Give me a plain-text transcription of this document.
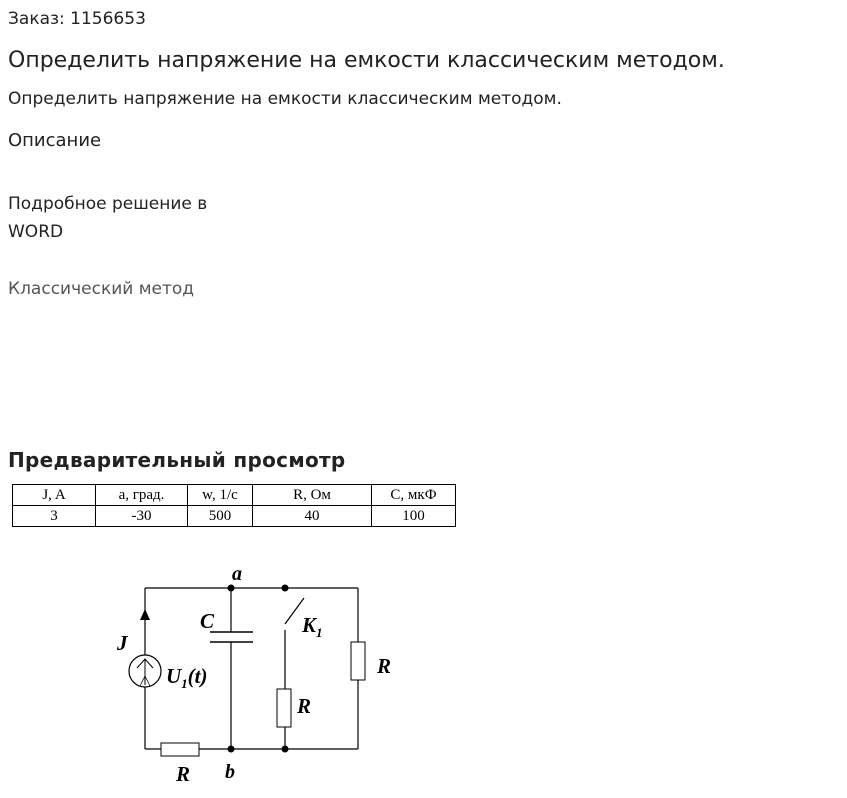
Заказ: 1156653
Определить напряжение на емкости классическим методом.
Определить напряжение на емкости классическим методом.
Описание
Подробное решение в
WORD
Классический метод
Предварительный просмотр
J, A	a, град.	w, 1/c	R, Ом	C, мкФ
3	-30	500	40	100
a
b
C
J
$U_1(t)$
$K_1$
R
R
R
